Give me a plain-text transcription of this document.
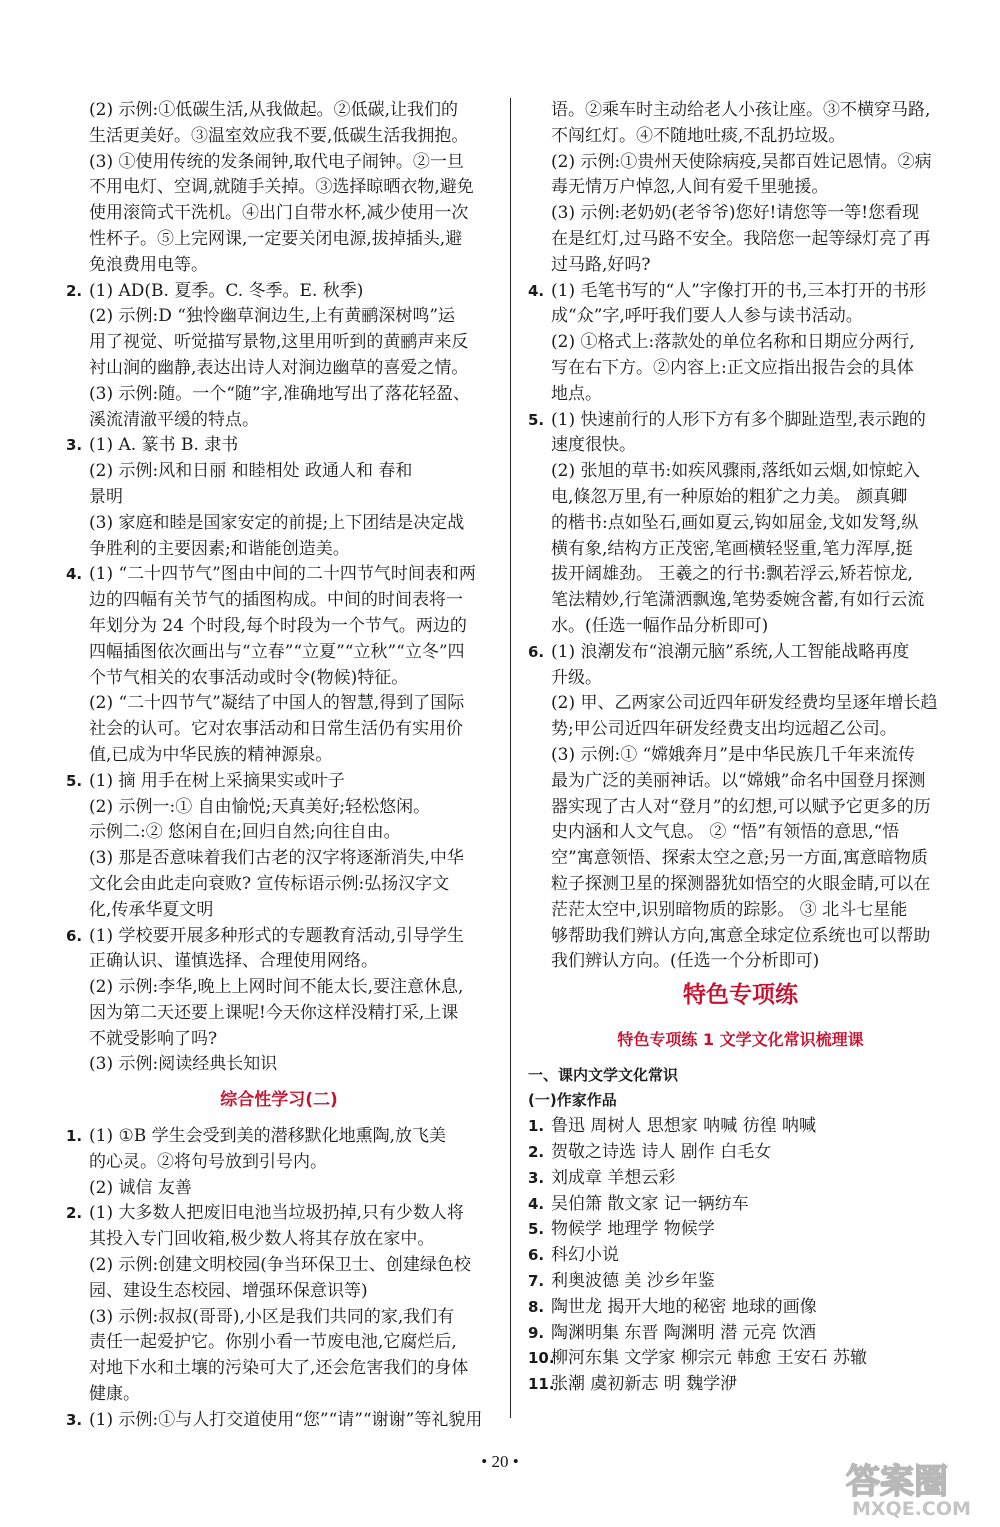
(2) 示例:①低碳生活,从我做起。②低碳,让我们的
生活更美好。③温室效应我不要,低碳生活我拥抱。
(3) ①使用传统的发条闹钟,取代电子闹钟。②一旦
不用电灯、空调,就随手关掉。③选择晾晒衣物,避免
使用滚筒式干洗机。④出门自带水杯,减少使用一次
性杯子。⑤上完网课,一定要关闭电源,拔掉插头,避
免浪费用电等。
2. (1) AD(B. 夏季。C. 冬季。E. 秋季)
(2) 示例:D “独怜幽草涧边生,上有黄鹂深树鸣”运
用了视觉、听觉描写景物,这里用听到的黄鹂声来反
衬山涧的幽静,表达出诗人对涧边幽草的喜爱之情。
(3) 示例:随。一个“随”字,准确地写出了落花轻盈、
溪流清澈平缓的特点。
3. (1) A. 篆书 B. 隶书
(2) 示例:风和日丽 和睦相处 政通人和 春和
景明
(3) 家庭和睦是国家安定的前提;上下团结是决定战
争胜利的主要因素;和谐能创造美。
4. (1) “二十四节气”图由中间的二十四节气时间表和两
边的四幅有关节气的插图构成。中间的时间表将一
年划分为 24 个时段,每个时段为一个节气。两边的
四幅插图依次画出与“立春”“立夏”“立秋”“立冬”四
个节气相关的农事活动或时令(物候)特征。
(2) “二十四节气”凝结了中国人的智慧,得到了国际
社会的认可。它对农事活动和日常生活仍有实用价
值,已成为中华民族的精神源泉。
5. (1) 摘 用手在树上采摘果实或叶子
(2) 示例一:① 自由愉悦;天真美好;轻松悠闲。
示例二:② 悠闲自在;回归自然;向往自由。
(3) 那是否意味着我们古老的汉字将逐渐消失,中华
文化会由此走向衰败? 宣传标语示例:弘扬汉字文
化,传承华夏文明
6. (1) 学校要开展多种形式的专题教育活动,引导学生
正确认识、谨慎选择、合理使用网络。
(2) 示例:李华,晚上上网时间不能太长,要注意休息,
因为第二天还要上课呢!今天你这样没精打采,上课
不就受影响了吗?
(3) 示例:阅读经典长知识
综合性学习(二)
1. (1) ①B 学生会受到美的潜移默化地熏陶,放飞美
的心灵。②将句号放到引号内。
(2) 诚信 友善
2. (1) 大多数人把废旧电池当垃圾扔掉,只有少数人将
其投入专门回收箱,极少数人将其存放在家中。
(2) 示例:创建文明校园(争当环保卫士、创建绿色校
园、建设生态校园、增强环保意识等)
(3) 示例:叔叔(哥哥),小区是我们共同的家,我们有
责任一起爱护它。你别小看一节废电池,它腐烂后,
对地下水和土壤的污染可大了,还会危害我们的身体
健康。
3. (1) 示例:①与人打交道使用“您”“请”“谢谢”等礼貌用
语。②乘车时主动给老人小孩让座。③不横穿马路,
不闯红灯。④不随地吐痰,不乱扔垃圾。
(2) 示例:①贵州天使除病疫,吴都百姓记恩情。②病
毒无情万户悼忽,人间有爱千里驰援。
(3) 示例:老奶奶(老爷爷)您好!请您等一等!您看现
在是红灯,过马路不安全。我陪您一起等绿灯亮了再
过马路,好吗?
4. (1) 毛笔书写的“人”字像打开的书,三本打开的书形
成“众”字,呼吁我们要人人参与读书活动。
(2) ①格式上:落款处的单位名称和日期应分两行,
写在右下方。②内容上:正文应指出报告会的具体
地点。
5. (1) 快速前行的人形下方有多个脚趾造型,表示跑的
速度很快。
(2) 张旭的草书:如疾风骤雨,落纸如云烟,如惊蛇入
电,倏忽万里,有一种原始的粗犷之力美。 颜真卿
的楷书:点如坠石,画如夏云,钩如屈金,戈如发弩,纵
横有象,结构方正茂密,笔画横轻竖重,笔力浑厚,挺
拔开阔雄劲。 王羲之的行书:飘若浮云,矫若惊龙,
笔法精妙,行笔潇洒飘逸,笔势委婉含蓄,有如行云流
水。(任选一幅作品分析即可)
6. (1) 浪潮发布“浪潮元脑”系统,人工智能战略再度
升级。
(2) 甲、乙两家公司近四年研发经费均呈逐年增长趋
势;甲公司近四年研发经费支出均远超乙公司。
(3) 示例:① “嫦娥奔月”是中华民族几千年来流传
最为广泛的美丽神话。以“嫦娥”命名中国登月探测
器实现了古人对“登月”的幻想,可以赋予它更多的历
史内涵和人文气息。 ② “悟”有领悟的意思,“悟
空”寓意领悟、探索太空之意;另一方面,寓意暗物质
粒子探测卫星的探测器犹如悟空的火眼金睛,可以在
茫茫太空中,识别暗物质的踪影。 ③ 北斗七星能
够帮助我们辨认方向,寓意全球定位系统也可以帮助
我们辨认方向。(任选一个分析即可)
特色专项练
特色专项练 1 文学文化常识梳理课
一、课内文学文化常识
(一)作家作品
1. 鲁迅 周树人 思想家 呐喊 彷徨 呐喊
2. 贺敬之诗选 诗人 剧作 白毛女
3. 刘成章 羊想云彩
4. 吴伯箫 散文家 记一辆纺车
5. 物候学 地理学 物候学
6. 科幻小说
7. 利奥波德 美 沙乡年鉴
8. 陶世龙 揭开大地的秘密 地球的画像
9. 陶渊明集 东晋 陶渊明 潜 元亮 饮酒
10.柳河东集 文学家 柳宗元 韩愈 王安石 苏辙
11.张潮 虞初新志 明 魏学洢
• 20 •
答案圈
MXQE.COM
